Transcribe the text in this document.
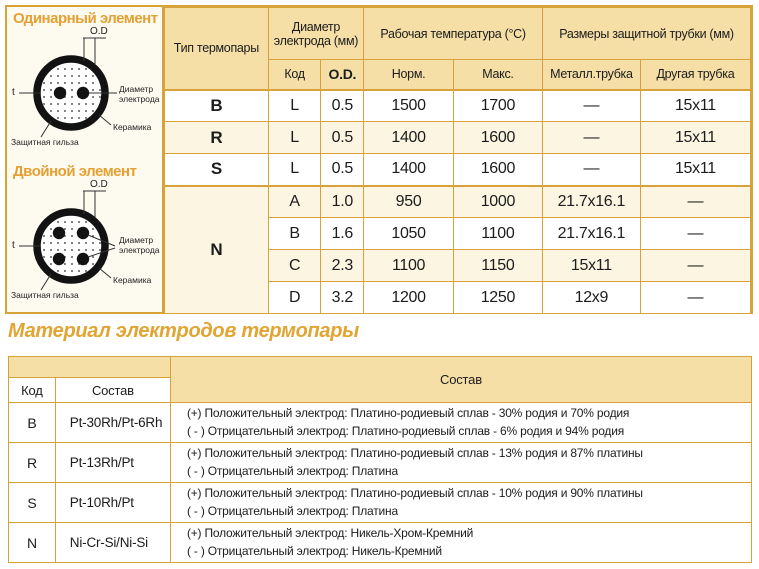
Одинарный элемент
O.D
t	Диаметр электрода
Керамика
Защитная гильза
Двойной элемент
O.D
t	Диаметр электрода
Керамика
Защитная гильза
Тип термопары	Диаметр электрода (мм)		Рабочая температура (°C)		Размеры защитной трубки (мм)	
	Код	O.D.	Норм.	Макс.	Металл.трубка	Другая трубка
B	L	0.5	1500	1700	—	15x11
R	L	0.5	1400	1600	—	15x11
S	L	0.5	1400	1600	—	15x11
N	A	1.0	950	1000	21.7x16.1	—
	B	1.6	1050	1100	21.7x16.1	—
	C	2.3	1100	1150	15x11	—
	D	3.2	1200	1250	12x9	—
Материал электродов термопары
		Состав
Код	Состав	
B	Pt-30Rh/Pt-6Rh	(+) Положительный электрод: Платино-родиевый сплав - 30% родия и 70% родия
( - ) Отрицательный электрод: Платино-родиевый сплав - 6% родия и 94% родия

R	Pt-13Rh/Pt	(+) Положительный электрод: Платино-родиевый сплав - 13% родия и 87% платины
( - ) Отрицательный электрод: Платина

S	Pt-10Rh/Pt	(+) Положительный электрод: Платино-родиевый сплав - 10% родия и 90% платины
( - ) Отрицательный электрод: Платина

N	Ni-Cr-Si/Ni-Si	(+) Положительный электрод: Никель-Хром-Кремний
( - ) Отрицательный электрод: Никель-Кремний
